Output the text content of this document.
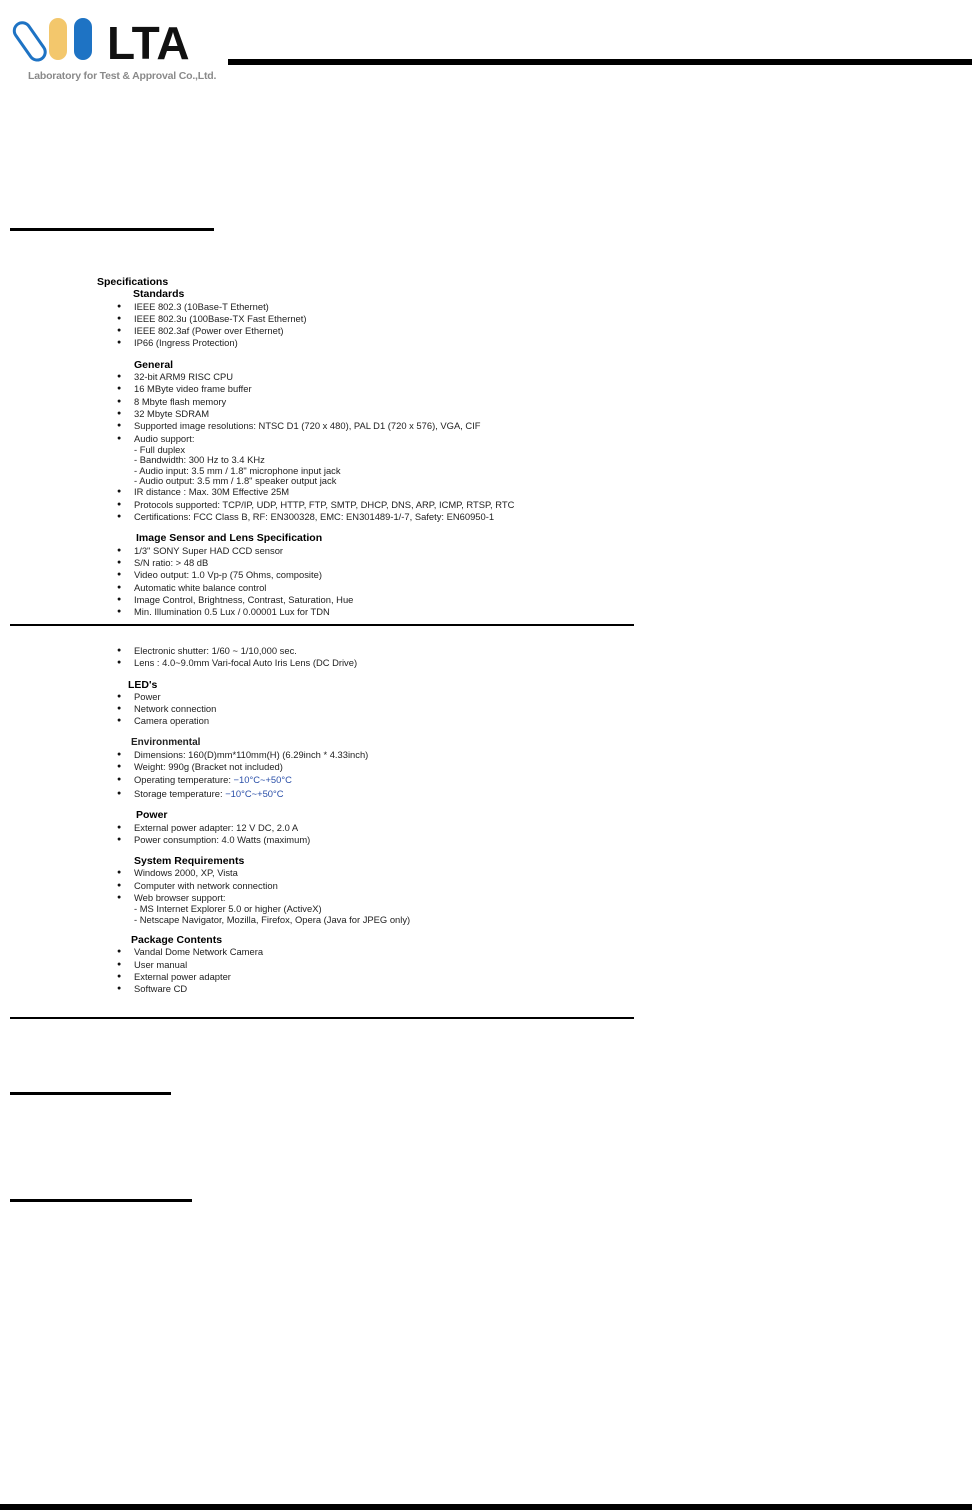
LTA
Laboratory for Test & Approval Co.,Ltd.
Specifications
Standards
● IEEE 802.3 (10Base-T Ethernet)
● IEEE 802.3u (100Base-TX Fast Ethernet)
● IEEE 802.3af (Power over Ethernet)
● IP66 (Ingress Protection)
General
● 32-bit ARM9 RISC CPU
● 16 MByte video frame buffer
● 8 Mbyte flash memory
● 32 Mbyte SDRAM
● Supported image resolutions: NTSC D1 (720 x 480), PAL D1 (720 x 576), VGA, CIF
● Audio support:
- Full duplex
- Bandwidth: 300 Hz to 3.4 KHz
- Audio input: 3.5 mm / 1.8" microphone input jack
- Audio output: 3.5 mm / 1.8" speaker output jack
● IR distance : Max. 30M Effective 25M
● Protocols supported: TCP/IP, UDP, HTTP, FTP, SMTP, DHCP, DNS, ARP, ICMP, RTSP, RTC
● Certifications: FCC Class B, RF: EN300328, EMC: EN301489-1/-7, Safety: EN60950-1
Image Sensor and Lens Specification
● 1/3" SONY Super HAD CCD sensor
● S/N ratio: > 48 dB
● Video output: 1.0 Vp-p (75 Ohms, composite)
● Automatic white balance control
● Image Control, Brightness, Contrast, Saturation, Hue
● Min. Illumination 0.5 Lux / 0.00001 Lux for TDN
● Electronic shutter: 1/60 ~ 1/10,000 sec.
● Lens : 4.0~9.0mm Vari-focal Auto Iris Lens (DC Drive)
LED's
● Power
● Network connection
● Camera operation
Environmental
● Dimensions: 160(D)mm*110mm(H) (6.29inch * 4.33inch)
● Weight: 990g (Bracket not included)
● Operating temperature: −10°C~+50°C
● Storage temperature: −10°C~+50°C
Power
● External power adapter: 12 V DC, 2.0 A
● Power consumption: 4.0 Watts (maximum)
System Requirements
● Windows 2000, XP, Vista
● Computer with network connection
● Web browser support:
- MS Internet Explorer 5.0 or higher (ActiveX)
- Netscape Navigator, Mozilla, Firefox, Opera (Java for JPEG only)
Package Contents
● Vandal Dome Network Camera
● User manual
● External power adapter
● Software CD
